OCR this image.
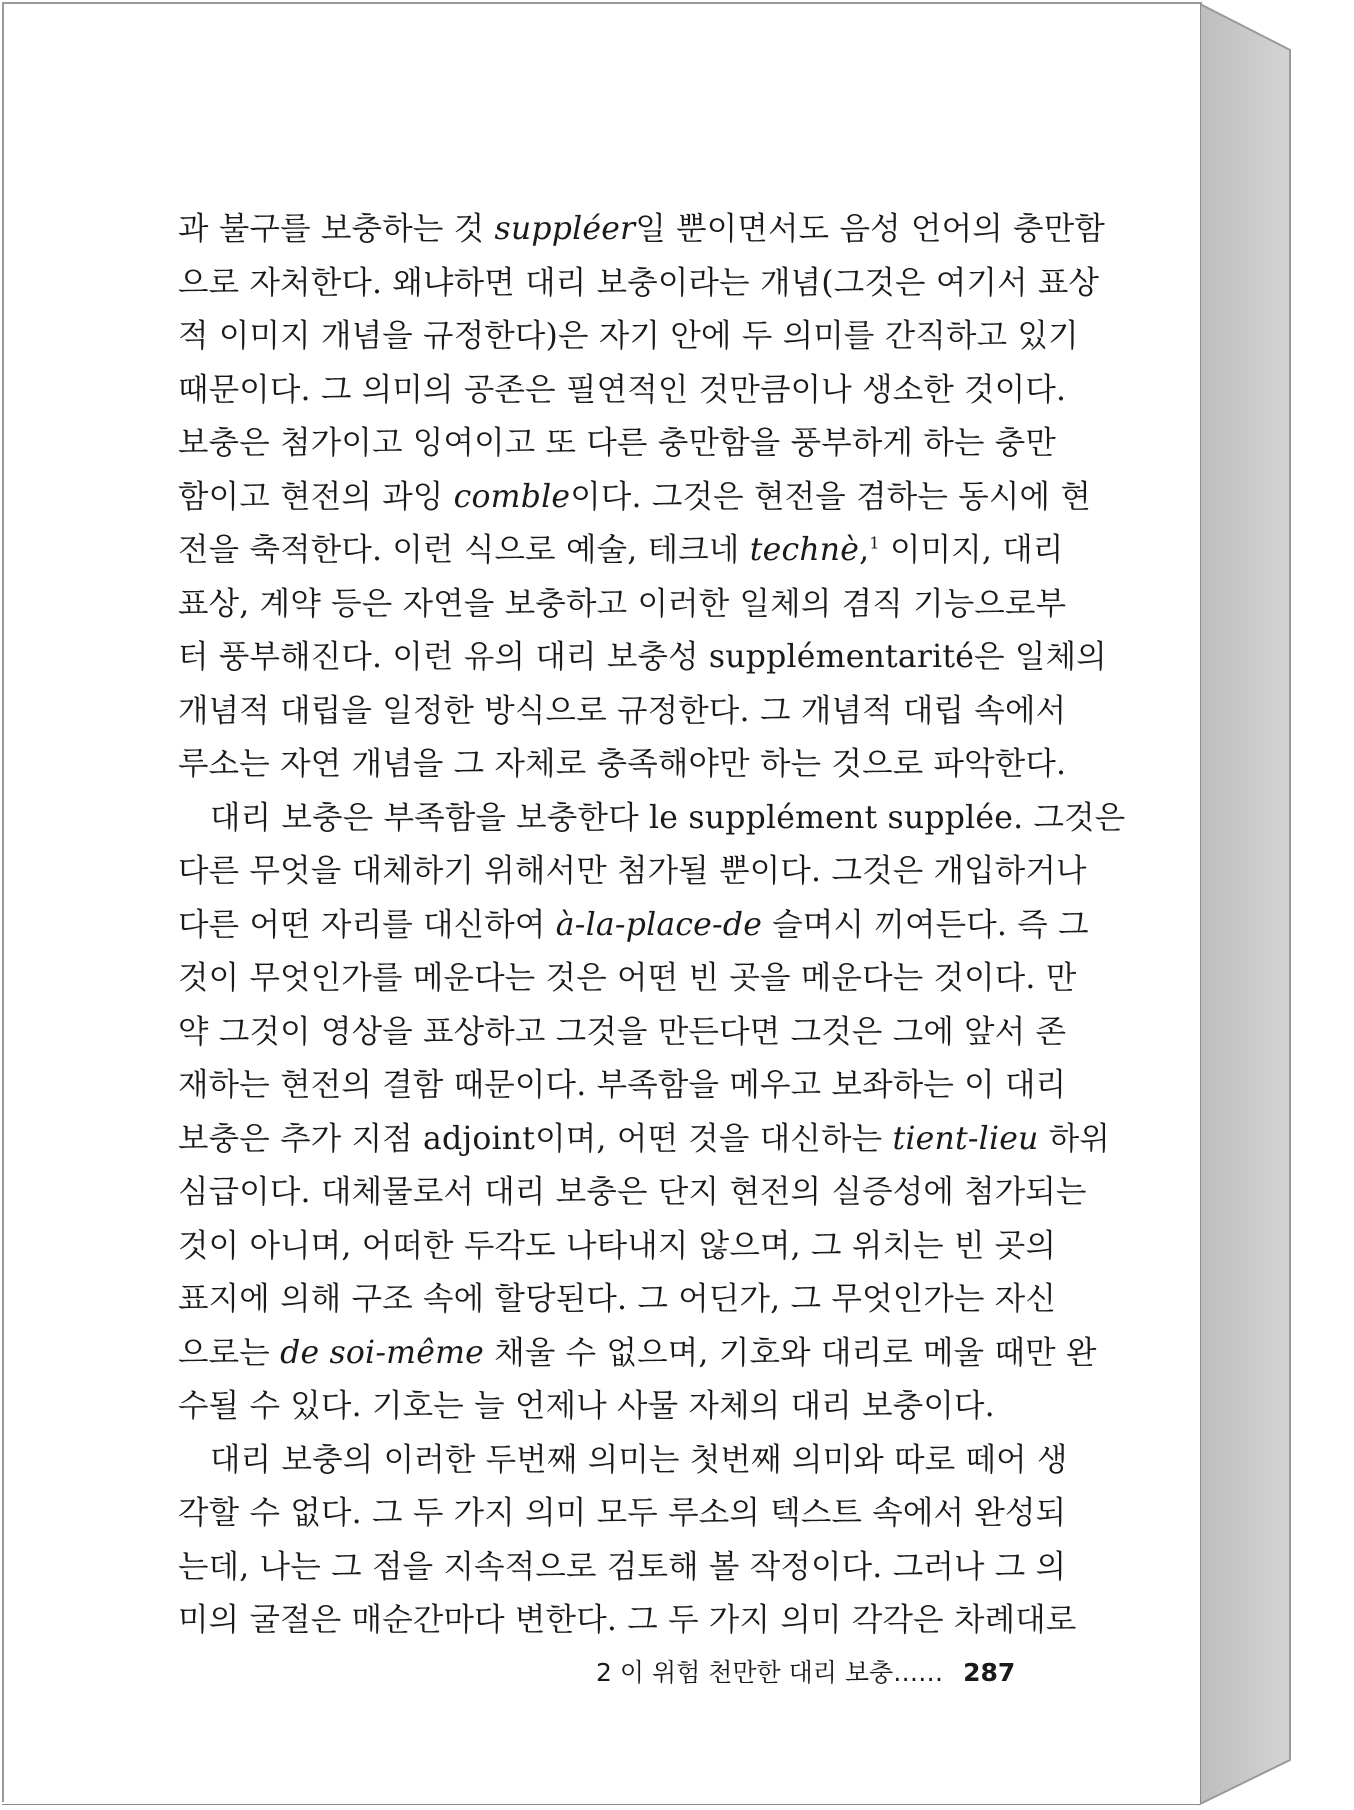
과 불구를 보충하는 것 suppléer일 뿐이면서도 음성 언어의 충만함
으로 자처한다. 왜냐하면 대리 보충이라는 개념(그것은 여기서 표상
적 이미지 개념을 규정한다)은 자기 안에 두 의미를 간직하고 있기
때문이다. 그 의미의 공존은 필연적인 것만큼이나 생소한 것이다.
보충은 첨가이고 잉여이고 또 다른 충만함을 풍부하게 하는 충만
함이고 현전의 과잉 comble이다. 그것은 현전을 겸하는 동시에 현
전을 축적한다. 이런 식으로 예술, 테크네 technè,$^1$ 이미지, 대리
표상, 계약 등은 자연을 보충하고 이러한 일체의 겸직 기능으로부
터 풍부해진다. 이런 유의 대리 보충성 supplémentarité은 일체의
개념적 대립을 일정한 방식으로 규정한다. 그 개념적 대립 속에서
루소는 자연 개념을 그 자체로 충족해야만 하는 것으로 파악한다.
대리 보충은 부족함을 보충한다 le supplément supplée. 그것은
다른 무엇을 대체하기 위해서만 첨가될 뿐이다. 그것은 개입하거나
다른 어떤 자리를 대신하여 à-la-place-de 슬며시 끼여든다. 즉 그
것이 무엇인가를 메운다는 것은 어떤 빈 곳을 메운다는 것이다. 만
약 그것이 영상을 표상하고 그것을 만든다면 그것은 그에 앞서 존
재하는 현전의 결함 때문이다. 부족함을 메우고 보좌하는 이 대리
보충은 추가 지점 adjoint이며, 어떤 것을 대신하는 tient-lieu 하위
심급이다. 대체물로서 대리 보충은 단지 현전의 실증성에 첨가되는
것이 아니며, 어떠한 두각도 나타내지 않으며, 그 위치는 빈 곳의
표지에 의해 구조 속에 할당된다. 그 어딘가, 그 무엇인가는 자신
으로는 de soi-même 채울 수 없으며, 기호와 대리로 메울 때만 완
수될 수 있다. 기호는 늘 언제나 사물 자체의 대리 보충이다.
대리 보충의 이러한 두번째 의미는 첫번째 의미와 따로 떼어 생
각할 수 없다. 그 두 가지 의미 모두 루소의 텍스트 속에서 완성되
는데, 나는 그 점을 지속적으로 검토해 볼 작정이다. 그러나 그 의
미의 굴절은 매순간마다 변한다. 그 두 가지 의미 각각은 차례대로
2 이 위험 천만한 대리 보충…… 287
